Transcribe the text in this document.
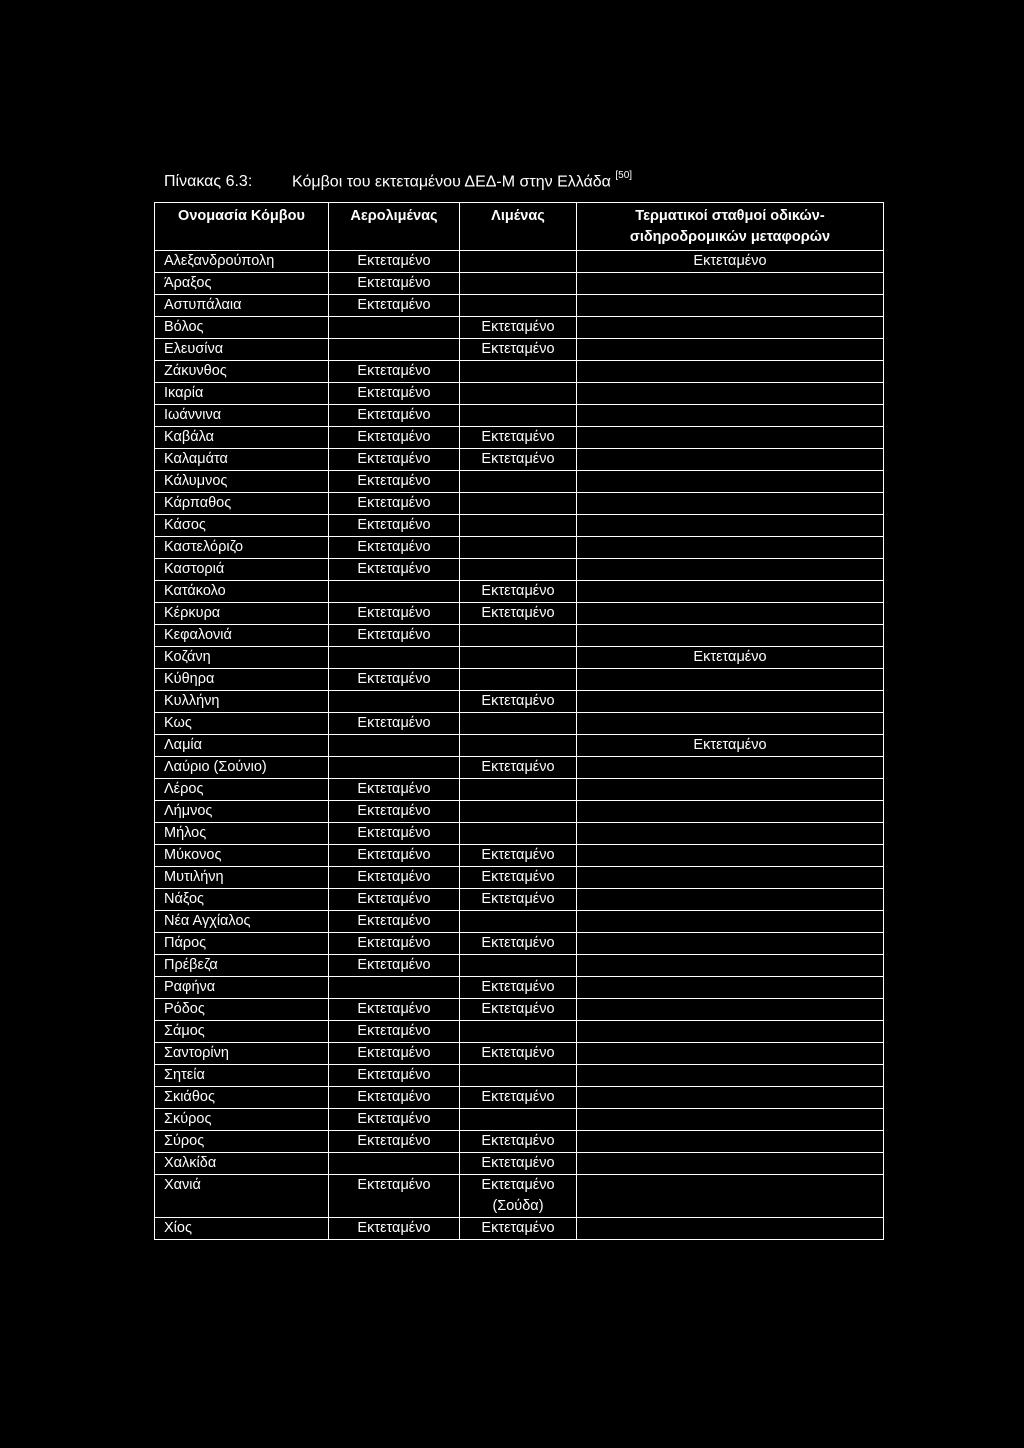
Πίνακας 6.3: Κόμβοι του εκτεταμένου ΔΕΔ-Μ στην Ελλάδα [50]
Ονομασία Κόμβου	Αερολιμένας	Λιμένας	Τερματικοί σταθμοί οδικών-σιδηροδρομικών μεταφορών
Αλεξανδρούπολη	Εκτεταμένο		Εκτεταμένο
Άραξος	Εκτεταμένο		
Αστυπάλαια	Εκτεταμένο		
Βόλος		Εκτεταμένο	
Ελευσίνα		Εκτεταμένο	
Ζάκυνθος	Εκτεταμένο		
Ικαρία	Εκτεταμένο		
Ιωάννινα	Εκτεταμένο		
Καβάλα	Εκτεταμένο	Εκτεταμένο	
Καλαμάτα	Εκτεταμένο	Εκτεταμένο	
Κάλυμνος	Εκτεταμένο		
Κάρπαθος	Εκτεταμένο		
Κάσος	Εκτεταμένο		
Καστελόριζο	Εκτεταμένο		
Καστοριά	Εκτεταμένο		
Κατάκολο		Εκτεταμένο	
Κέρκυρα	Εκτεταμένο	Εκτεταμένο	
Κεφαλονιά	Εκτεταμένο		
Κοζάνη			Εκτεταμένο
Κύθηρα	Εκτεταμένο		
Κυλλήνη		Εκτεταμένο	
Κως	Εκτεταμένο		
Λαμία			Εκτεταμένο
Λαύριο (Σούνιο)		Εκτεταμένο	
Λέρος	Εκτεταμένο		
Λήμνος	Εκτεταμένο		
Μήλος	Εκτεταμένο		
Μύκονος	Εκτεταμένο	Εκτεταμένο	
Μυτιλήνη	Εκτεταμένο	Εκτεταμένο	
Νάξος	Εκτεταμένο	Εκτεταμένο	
Νέα Αγχίαλος	Εκτεταμένο		
Πάρος	Εκτεταμένο	Εκτεταμένο	
Πρέβεζα	Εκτεταμένο		
Ραφήνα		Εκτεταμένο	
Ρόδος	Εκτεταμένο	Εκτεταμένο	
Σάμος	Εκτεταμένο		
Σαντορίνη	Εκτεταμένο	Εκτεταμένο	
Σητεία	Εκτεταμένο		
Σκιάθος	Εκτεταμένο	Εκτεταμένο	
Σκύρος	Εκτεταμένο		
Σύρος	Εκτεταμένο	Εκτεταμένο	
Χαλκίδα		Εκτεταμένο	
Χανιά	Εκτεταμένο	Εκτεταμένο
(Σούδα)	

Χίος	Εκτεταμένο	Εκτεταμένο	
